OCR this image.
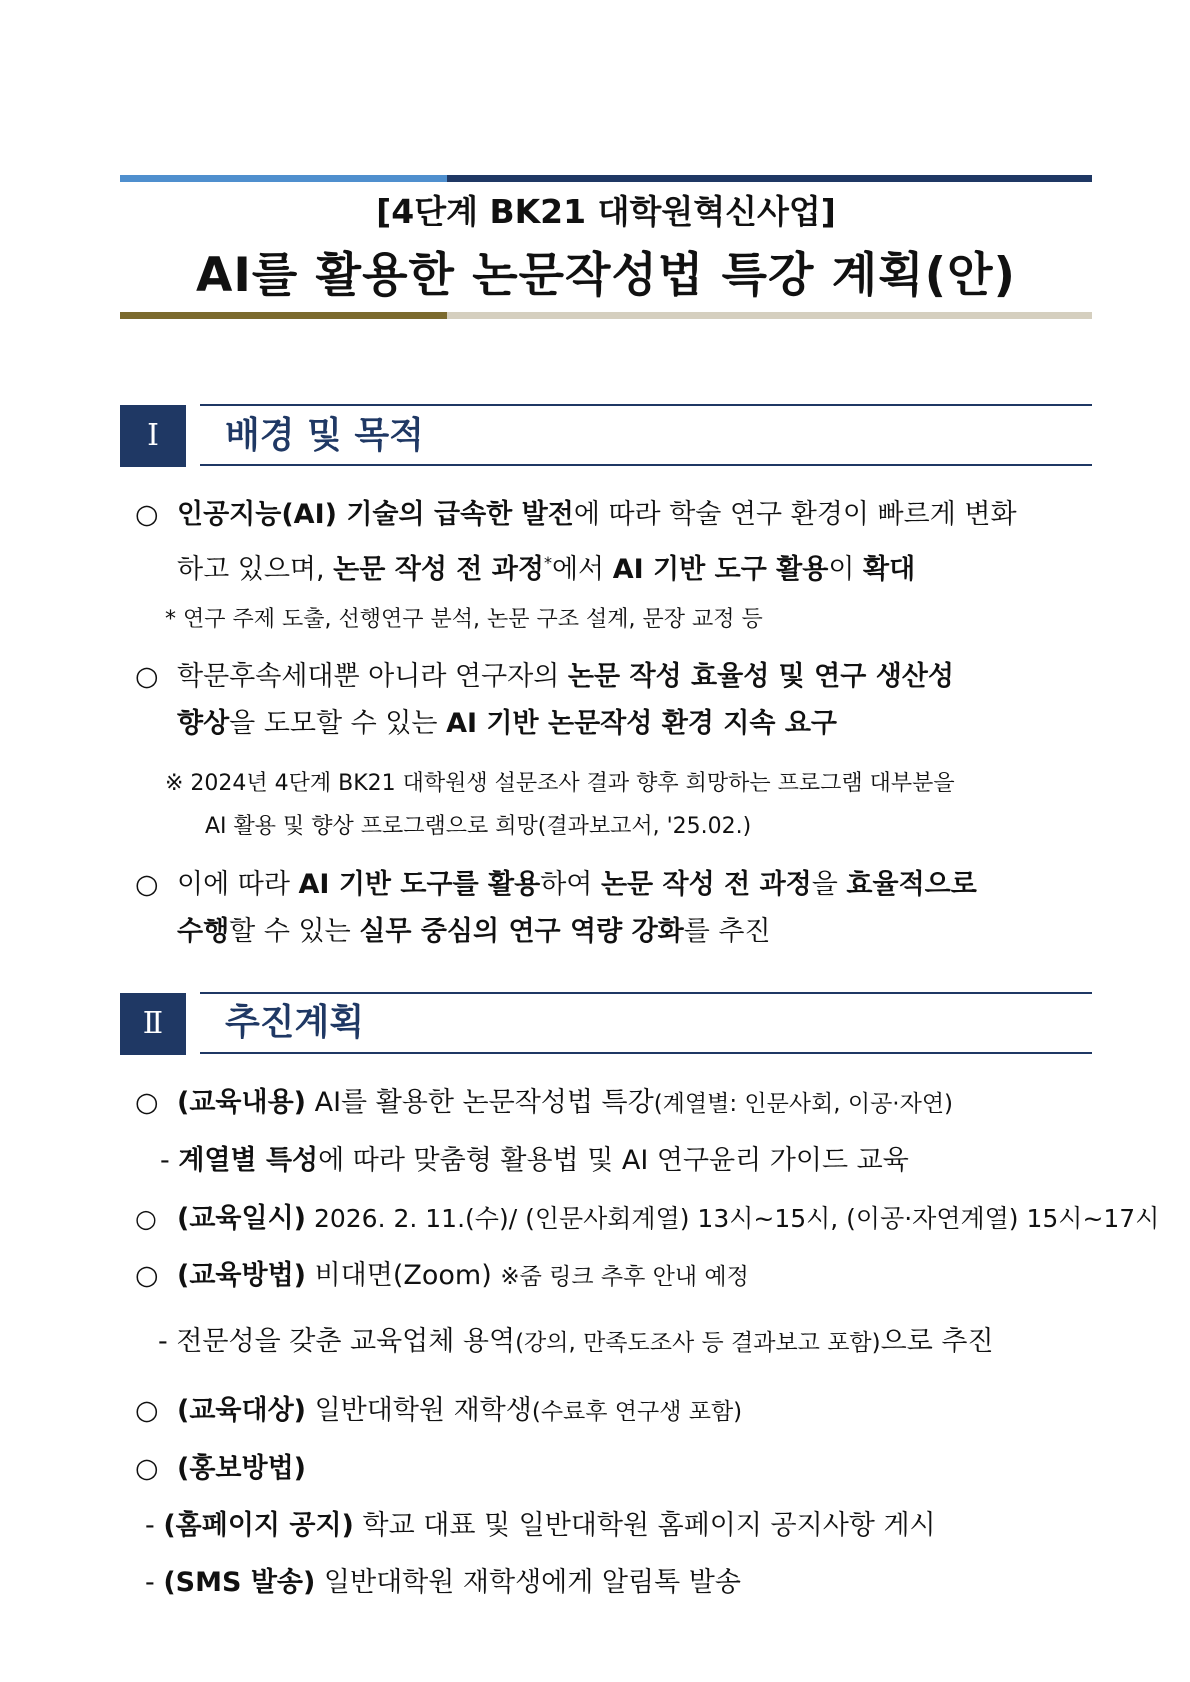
[4단계 BK21 대학원혁신사업]
AI를 활용한 논문작성법 특강 계획(안)
Ⅰ	배경 및 목적
○ 인공지능(AI) 기술의 급속한 발전에 따라 학술 연구 환경이 빠르게 변화
하고 있으며, 논문 작성 전 과정*에서 AI 기반 도구 활용이 확대
* 연구 주제 도출, 선행연구 분석, 논문 구조 설계, 문장 교정 등
○ 학문후속세대뿐 아니라 연구자의 논문 작성 효율성 및 연구 생산성
향상을 도모할 수 있는 AI 기반 논문작성 환경 지속 요구
※ 2024년 4단계 BK21 대학원생 설문조사 결과 향후 희망하는 프로그램 대부분을
AI 활용 및 향상 프로그램으로 희망(결과보고서, '25.02.)
○ 이에 따라 AI 기반 도구를 활용하여 논문 작성 전 과정을 효율적으로
수행할 수 있는 실무 중심의 연구 역량 강화를 추진
Ⅱ	추진계획
○ (교육내용) AI를 활용한 논문작성법 특강(계열별: 인문사회, 이공·자연)
- 계열별 특성에 따라 맞춤형 활용법 및 AI 연구윤리 가이드 교육
○ (교육일시) 2026. 2. 11.(수)/ (인문사회계열) 13시~15시, (이공·자연계열) 15시~17시
○ (교육방법) 비대면(Zoom) ※줌 링크 추후 안내 예정
- 전문성을 갖춘 교육업체 용역(강의, 만족도조사 등 결과보고 포함)으로 추진
○ (교육대상) 일반대학원 재학생(수료후 연구생 포함)
○ (홍보방법)
- (홈페이지 공지) 학교 대표 및 일반대학원 홈페이지 공지사항 게시
- (SMS 발송) 일반대학원 재학생에게 알림톡 발송
